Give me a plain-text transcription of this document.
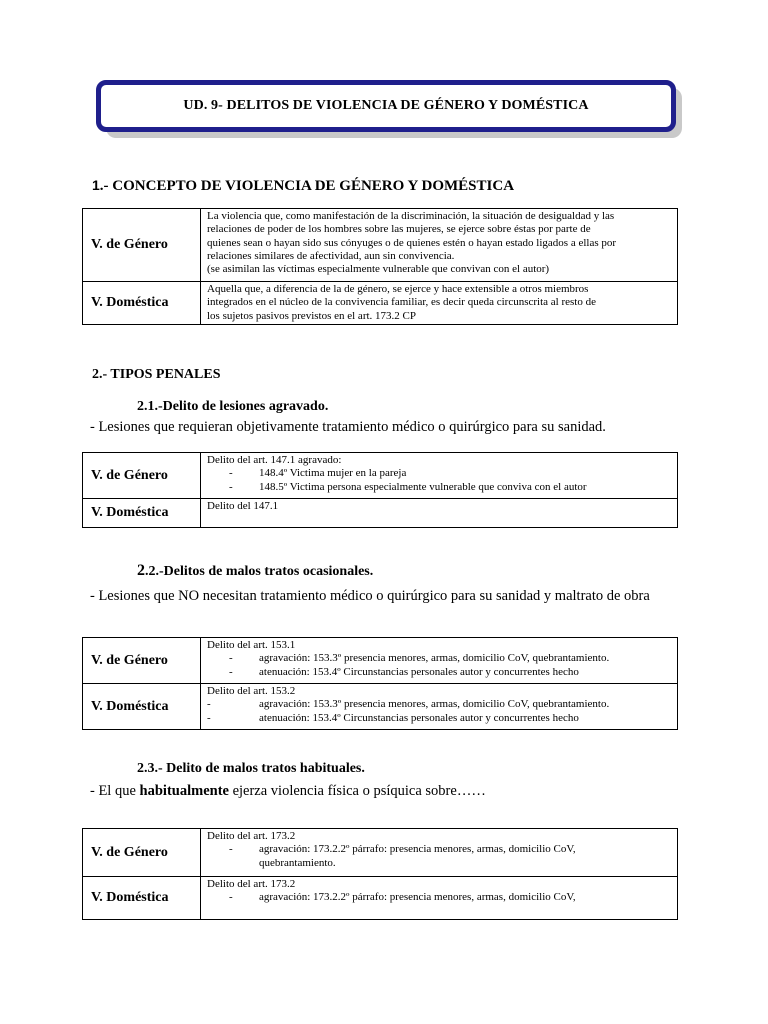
UD. 9- DELITOS DE VIOLENCIA DE GÉNERO Y DOMÉSTICA
1.- CONCEPTO DE VIOLENCIA DE GÉNERO Y DOMÉSTICA
V. de Género	La violencia que, como manifestación de la discriminación, la situación de desigualdad y las
relaciones de poder de los hombres sobre las mujeres, se ejerce sobre éstas por parte de
quienes sean o hayan sido sus cónyuges o de quienes estén o hayan estado ligados a ellas por
relaciones similares de afectividad, aun sin convivencia.
(se asimilan las víctimas especialmente vulnerable que convivan con el autor)

V. Doméstica	Aquella que, a diferencia de la de género, se ejerce y hace extensible a otros miembros
integrados en el núcleo de la convivencia familiar, es decir queda circunscrita al resto de
los sujetos pasivos previstos en el art. 173.2 CP
2.- TIPOS PENALES
2.1.-Delito de lesiones agravado.
- Lesiones que requieran objetivamente tratamiento médico o quirúrgico para su sanidad.
V. de Género	Delito del art. 147.1 agravado:
- 148.4º Victima mujer en la pareja
- 148.5º Victima persona especialmente vulnerable que conviva con el autor

V. Doméstica	Delito del 147.1
2.2.-Delitos de malos tratos ocasionales.
- Lesiones que NO necesitan tratamiento médico o quirúrgico para su sanidad y maltrato de obra
V. de Género	Delito del art. 153.1
- agravación: 153.3º presencia menores, armas, domicilio CoV, quebrantamiento.
- atenuación: 153.4º Circunstancias personales autor y concurrentes hecho

V. Doméstica	Delito del art. 153.2
- agravación: 153.3º presencia menores, armas, domicilio CoV, quebrantamiento.
- atenuación: 153.4º Circunstancias personales autor y concurrentes hecho
2.3.- Delito de malos tratos habituales.
- El que habitualmente ejerza violencia física o psíquica sobre……
V. de Género	Delito del art. 173.2
- agravación: 173.2.2º párrafo: presencia menores, armas, domicilio CoV,
quebrantamiento.

V. Doméstica	Delito del art. 173.2
- agravación: 173.2.2º párrafo: presencia menores, armas, domicilio CoV,
